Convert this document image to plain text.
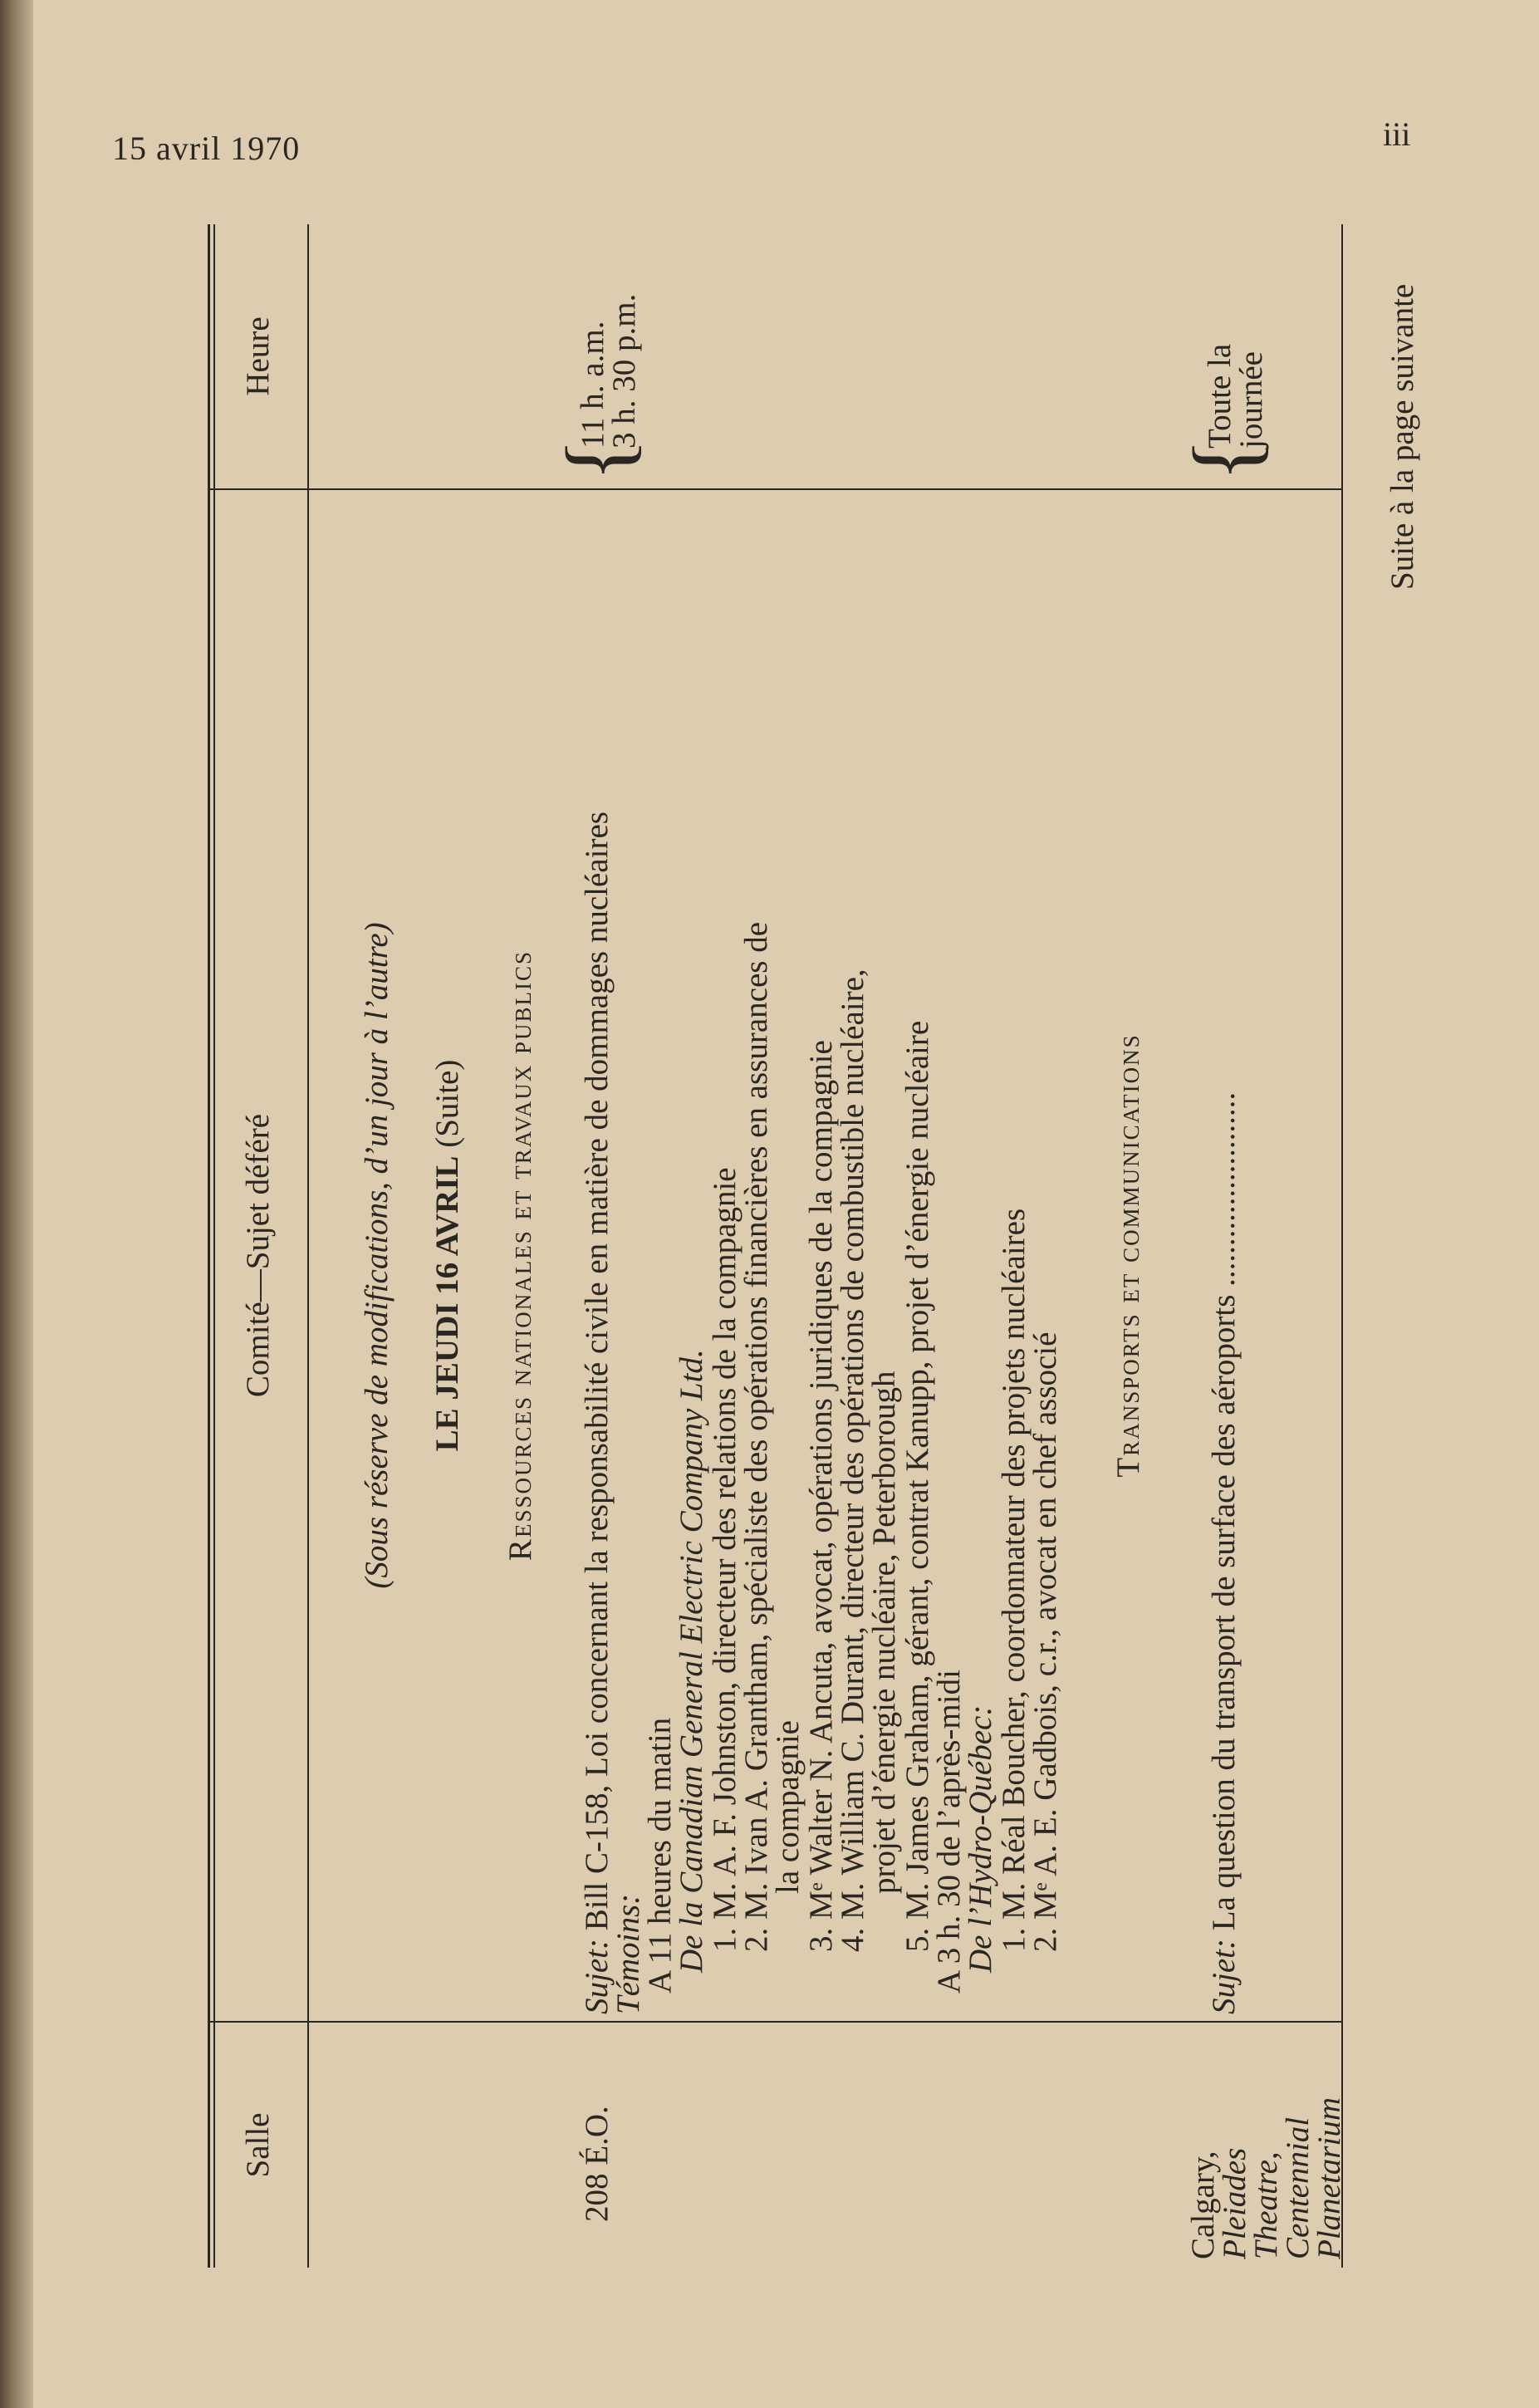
15 avril 1970	iii
Salle
Comité—Sujet déféré
Heure
(Sous réserve de modifications, d’un jour à l’autre) LE JEUDI 16 AVRIL (Suite) Ressources nationales et travaux publics
208 É.O.
Sujet: Bill C-158, Loi concernant la responsabilité civile en matière de dommages nucléaires
Témoins:
A 11 heures du matin
De la Canadian General Electric Company Ltd.
1. M. A. F. Johnston, directeur des relations de la compagnie
2. M. Ivan A. Grantham, spécialiste des opérations financières en assurances de
la compagnie
3. Mᵉ Walter N. Ancuta, avocat, opérations juridiques de la compagnie
4. M. William C. Durant, directeur des opérations de combustible nucléaire,
projet d’énergie nucléaire, Peterborough
5. M. James Graham, gérant, contrat Kanupp, projet d’énergie nucléaire
A 3 h. 30 de l’après-midi
De l’Hydro-Québec:
1. M. Réal Boucher, coordonnateur des projets nucléaires
2. Mᵉ A. E. Gadbois, c.r., avocat en chef associé
{
11 h. a.m.
3 h. 30 p.m.
Transports et communications
Calgary,
Pleiades
Theatre,
Centennial
Planetarium
Sujet: La question du transport de surface des aéroports ........................
{
Toute la
journée	Suite à la page suivante
